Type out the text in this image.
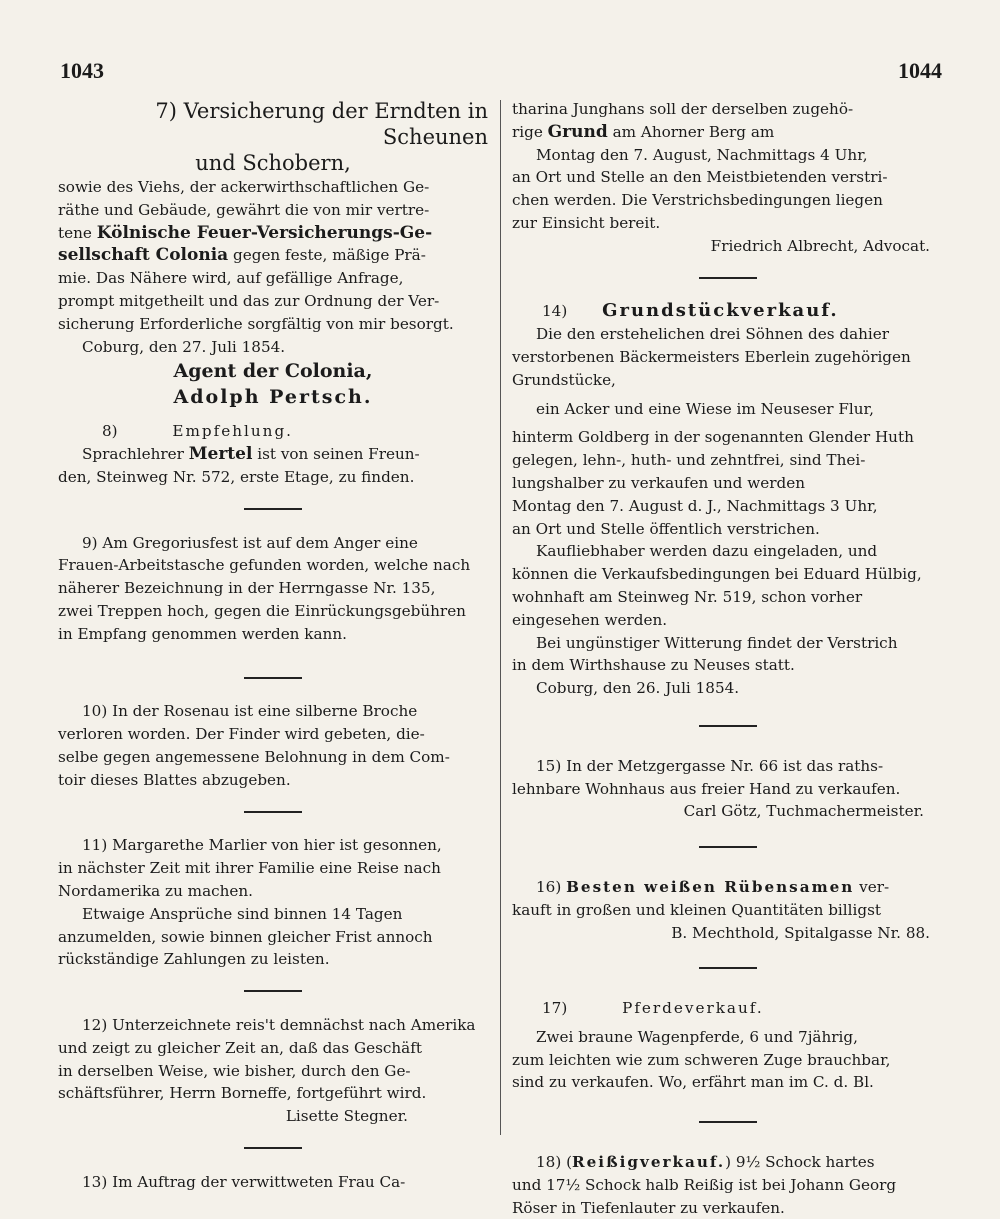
1043	1044

7) Versicherung der Erndten in Scheunen

und Schobern,

sowie des Viehs, der ackerwirthschaftlichen Ge-

räthe und Gebäude, gewährt die von mir vertre-

tene Kölnische Feuer-Versicherungs-Ge-

sellschaft Colonia gegen feste, mäßige Prä-

mie. Das Nähere wird, auf gefällige Anfrage,

prompt mitgetheilt und das zur Ordnung der Ver-

sicherung Erforderliche sorgfältig von mir besorgt.

Coburg, den 27. Juli 1854.

Agent der Colonia,

Adolph Pertsch.

8)	Empfehlung.

Sprachlehrer Mertel ist von seinen Freun-

den, Steinweg Nr. 572, erste Etage, zu finden.

9) Am Gregoriusfest ist auf dem Anger eine

Frauen-Arbeitstasche gefunden worden, welche nach

näherer Bezeichnung in der Herrngasse Nr. 135,

zwei Treppen hoch, gegen die Einrückungsgebühren

in Empfang genommen werden kann.

10) In der Rosenau ist eine silberne Broche

verloren worden. Der Finder wird gebeten, die-

selbe gegen angemessene Belohnung in dem Com-

toir dieses Blattes abzugeben.

11) Margarethe Marlier von hier ist gesonnen,

in nächster Zeit mit ihrer Familie eine Reise nach

Nordamerika zu machen.

Etwaige Ansprüche sind binnen 14 Tagen

anzumelden, sowie binnen gleicher Frist annoch

rückständige Zahlungen zu leisten.

12) Unterzeichnete reis't demnächst nach Amerika

und zeigt zu gleicher Zeit an, daß das Geschäft

in derselben Weise, wie bisher, durch den Ge-

schäftsführer, Herrn Borneffe, fortgeführt wird.

Lisette Stegner.

13) Im Auftrag der verwittweten Frau Ca-

tharina Junghans soll der derselben zugehö-

rige Grund am Ahorner Berg am

Montag den 7. August, Nachmittags 4 Uhr,

an Ort und Stelle an den Meistbietenden verstri-

chen werden. Die Verstrichsbedingungen liegen

zur Einsicht bereit.

Friedrich Albrecht, Advocat.

14) Grundstückverkauf.

Die den erstehelichen drei Söhnen des dahier

verstorbenen Bäckermeisters Eberlein zugehörigen

Grundstücke,

ein Acker und eine Wiese im Neuseser Flur,

hinterm Goldberg in der sogenannten Glender Huth

gelegen, lehn-, huth- und zehntfrei, sind Thei-

lungshalber zu verkaufen und werden

Montag den 7. August d. J., Nachmittags 3 Uhr,

an Ort und Stelle öffentlich verstrichen.

Kaufliebhaber werden dazu eingeladen, und

können die Verkaufsbedingungen bei Eduard Hülbig,

wohnhaft am Steinweg Nr. 519, schon vorher

eingesehen werden.

Bei ungünstiger Witterung findet der Verstrich

in dem Wirthshause zu Neuses statt.

Coburg, den 26. Juli 1854.

15) In der Metzgergasse Nr. 66 ist das raths-

lehnbare Wohnhaus aus freier Hand zu verkaufen.

Carl Götz, Tuchmachermeister.

16) Besten weißen Rübensamen ver-

kauft in großen und kleinen Quantitäten billigst

B. Mechthold, Spitalgasse Nr. 88.

17)	Pferdeverkauf.

Zwei braune Wagenpferde, 6 und 7jährig,

zum leichten wie zum schweren Zuge brauchbar,

sind zu verkaufen. Wo, erfährt man im C. d. Bl.

18) (Reißigverkauf.) 9½ Schock hartes

und 17½ Schock halb Reißig ist bei Johann Georg

Röser in Tiefenlauter zu verkaufen.
